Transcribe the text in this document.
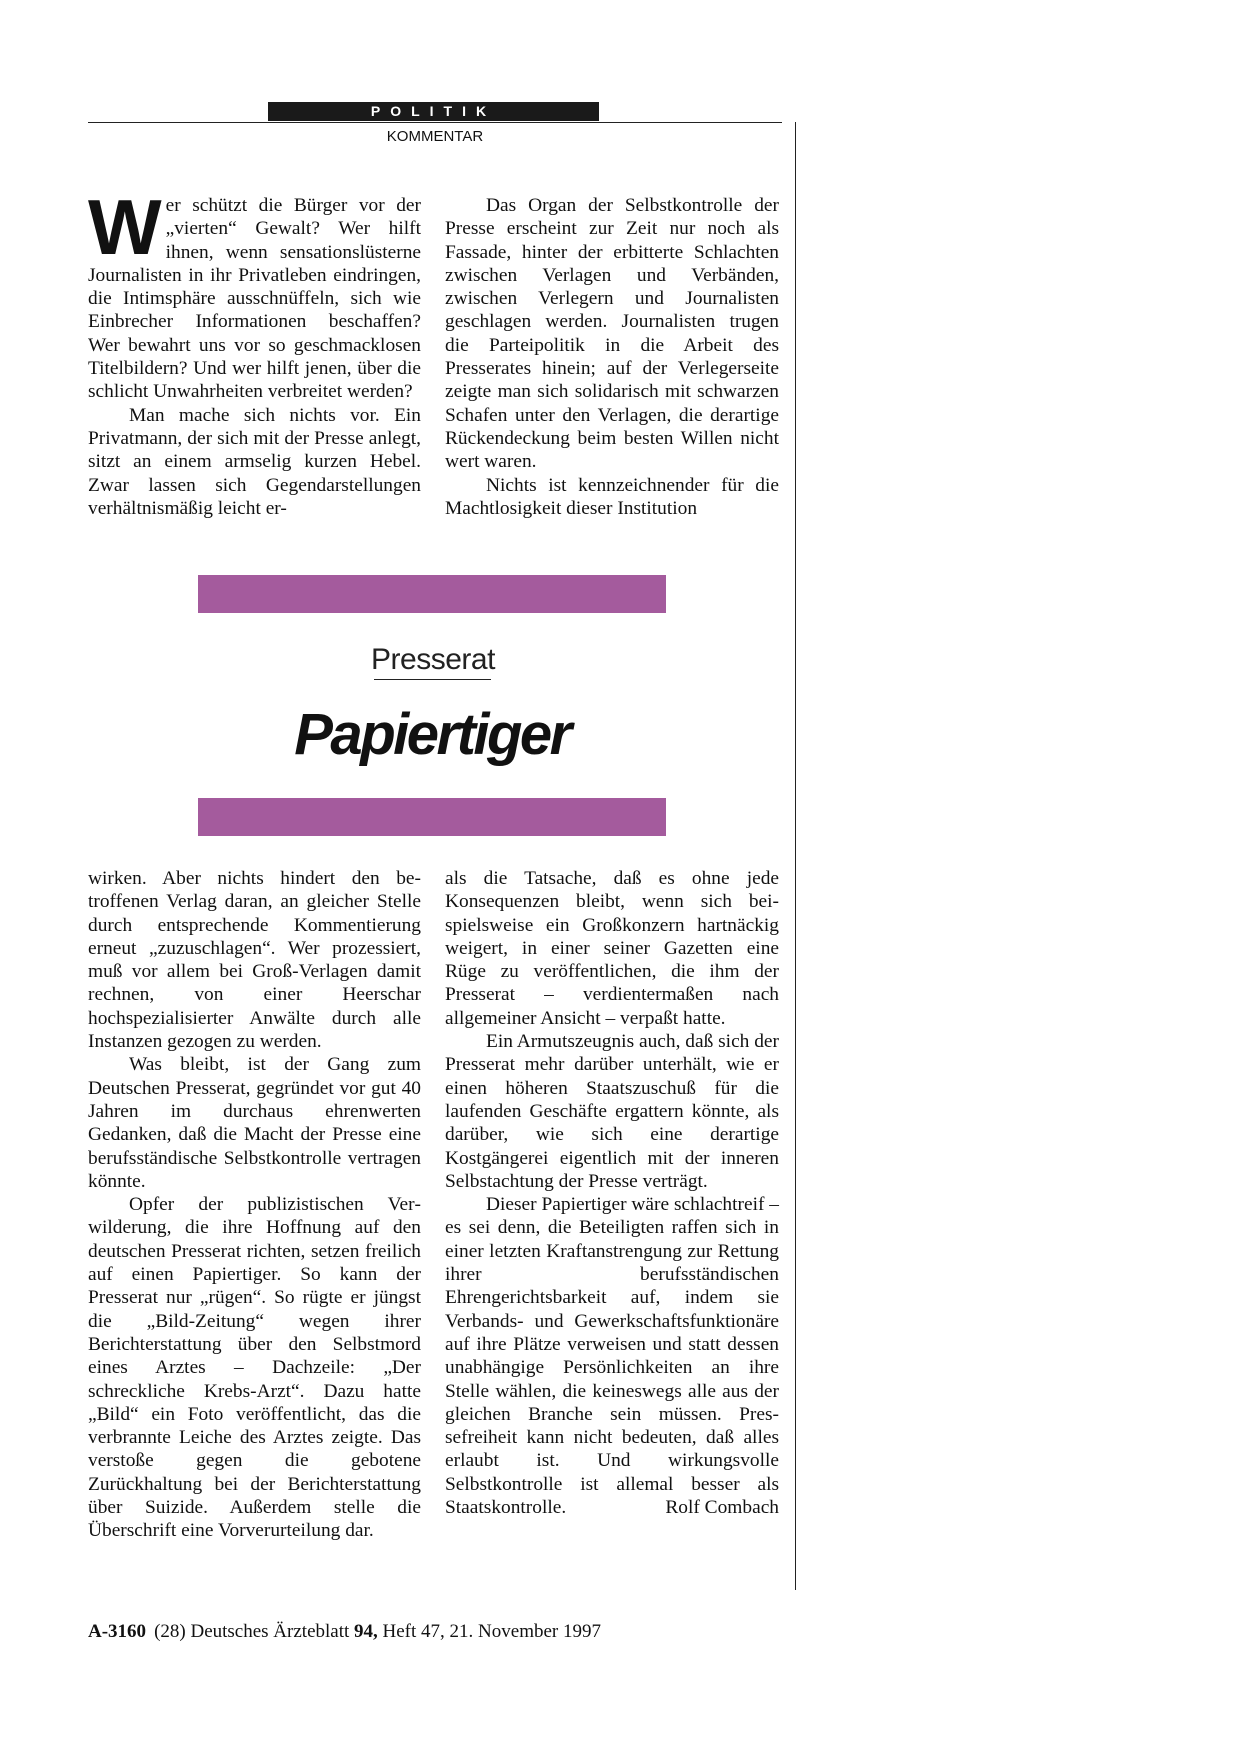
POLITIK
KOMMENTAR

Wer schützt die Bürger vor der „vierten“ Gewalt? Wer hilft ihnen, wenn sensationslüsterne Journalisten in ihr Privatleben eindringen, die Intimsphäre ausschnüffeln, sich wie Einbrecher Informationen beschaffen? Wer bewahrt uns vor so geschmacklosen Titelbildern? Und wer hilft jenen, über die schlicht Unwahrheiten verbreitet werden?

Man mache sich nichts vor. Ein Privatmann, der sich mit der Presse anlegt, sitzt an einem armselig kurzen Hebel. Zwar lassen sich Gegendarstellungen verhältnismäßig leicht er-

Das Organ der Selbstkontrolle der Presse erscheint zur Zeit nur noch als Fassade, hinter der erbitterte Schlachten zwischen Verlagen und Verbänden, zwischen Verlegern und Journalisten geschlagen werden. Journalisten trugen die Parteipolitik in die Arbeit des Presserates hinein; auf der Verlegerseite zeigte man sich solidarisch mit schwarzen Schafen unter den Verlagen, die derartige Rückendeckung beim besten Willen nicht wert waren.

Nichts ist kennzeichnender für die Machtlosigkeit dieser Institution

Presserat
Papiertiger

wirken. Aber nichts hindert den betroffenen Verlag daran, an gleicher Stelle durch entsprechende Kommentierung erneut „zuzuschlagen“. Wer prozessiert, muß vor allem bei Groß-Verlagen damit rechnen, von einer Heerschar hochspezialisierter Anwälte durch alle Instanzen gezogen zu werden.

Was bleibt, ist der Gang zum Deutschen Presserat, gegründet vor gut 40 Jahren im durchaus ehrenwerten Gedanken, daß die Macht der Presse eine berufsständische Selbstkontrolle vertragen könnte.

Opfer der publizistischen Verwilderung, die ihre Hoffnung auf den deutschen Presserat richten, setzen freilich auf einen Papiertiger. So kann der Presserat nur „rügen“. So rügte er jüngst die „Bild-Zeitung“ wegen ihrer Berichterstattung über den Selbstmord eines Arztes – Dachzeile: „Der schreckliche Krebs-Arzt“. Dazu hatte „Bild“ ein Foto veröffentlicht, das die verbrannte Leiche des Arztes zeigte. Das verstoße gegen die gebotene Zurückhaltung bei der Berichterstattung über Suizide. Außerdem stelle die Überschrift eine Vorverurteilung dar.

als die Tatsache, daß es ohne jede Konsequenzen bleibt, wenn sich beispielsweise ein Großkonzern hartnäckig weigert, in einer seiner Gazetten eine Rüge zu veröffentlichen, die ihm der Presserat – verdientermaßen nach allgemeiner Ansicht – verpaßt hatte.

Ein Armutszeugnis auch, daß sich der Presserat mehr darüber unterhält, wie er einen höheren Staatszuschuß für die laufenden Geschäfte ergattern könnte, als darüber, wie sich eine derartige Kostgängerei eigentlich mit der inneren Selbstachtung der Presse verträgt.

Dieser Papiertiger wäre schlachtreif – es sei denn, die Beteiligten raffen sich in einer letzten Kraftanstrengung zur Rettung ihrer berufsständischen Ehrengerichtsbarkeit auf, indem sie Verbands- und Gewerkschaftsfunktionäre auf ihre Plätze verweisen und statt dessen unabhängige Persönlichkeiten an ihre Stelle wählen, die keineswegs alle aus der gleichen Branche sein müssen. Pressefreiheit kann nicht bedeuten, daß alles erlaubt ist. Und wirkungsvolle Selbstkontrolle ist allemal besser als Staatskontrolle.	Rolf Combach

A-3160 (28) Deutsches Ärzteblatt 94, Heft 47, 21. November 1997
